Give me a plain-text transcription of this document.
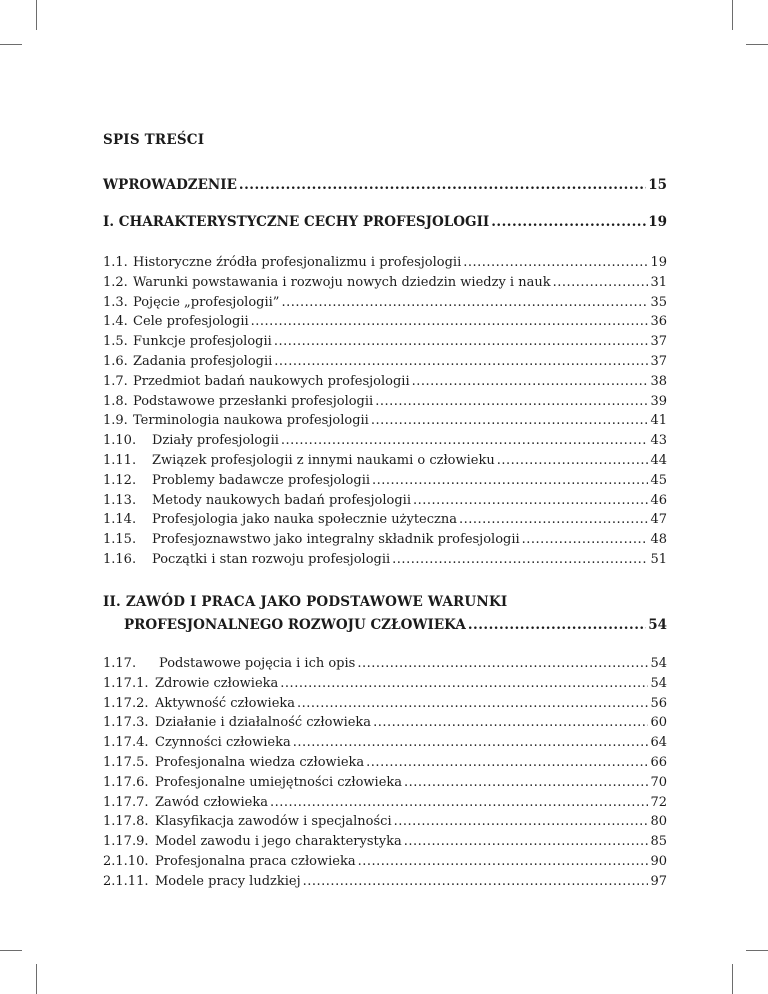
SPIS TREŚCI
WPROWADZENIE .....	15
I. CHARAKTERYSTYCZNE CECHY PROFESJOLOGII .....	19
1.1. Historyczne źródła profesjonalizmu i profesjologii .....	19
1.2. Warunki powstawania i rozwoju nowych dziedzin wiedzy i nauk .....	31
1.3. Pojęcie „profesjologii” .....	35
1.4. Cele profesjologii .....	36
1.5. Funkcje profesjologii .....	37
1.6. Zadania profesjologii .....	37
1.7. Przedmiot badań naukowych profesjologii .....	38
1.8. Podstawowe przesłanki profesjologii .....	39
1.9. Terminologia naukowa profesjologii .....	41
1.10.	Działy profesjologii .....	43
1.11.	Związek profesjologii z innymi naukami o człowieku .....	44
1.12.	Problemy badawcze profesjologii .....	45
1.13.	Metody naukowych badań profesjologii .....	46
1.14.	Profesjologia jako nauka społecznie użyteczna .....	47
1.15.	Profesjoznawstwo jako integralny składnik profesjologii .....	48
1.16.	Początki i stan rozwoju profesjologii .....	51
II. ZAWÓD I PRACA JAKO PODSTAWOWE WARUNKI
PROFESJONALNEGO ROZWOJU CZŁOWIEKA .....	54
1.17.	Podstawowe pojęcia i ich opis .....	54
1.17.1. Zdrowie człowieka .....	54
1.17.2. Aktywność człowieka .....	56
1.17.3. Działanie i działalność człowieka .....	60
1.17.4. Czynności człowieka .....	64
1.17.5. Profesjonalna wiedza człowieka .....	66
1.17.6. Profesjonalne umiejętności człowieka .....	70
1.17.7. Zawód człowieka .....	72
1.17.8. Klasyfikacja zawodów i specjalności .....	80
1.17.9. Model zawodu i jego charakterystyka .....	85
2.1.10. Profesjonalna praca człowieka .....	90
2.1.11. Modele pracy ludzkiej .....	97
